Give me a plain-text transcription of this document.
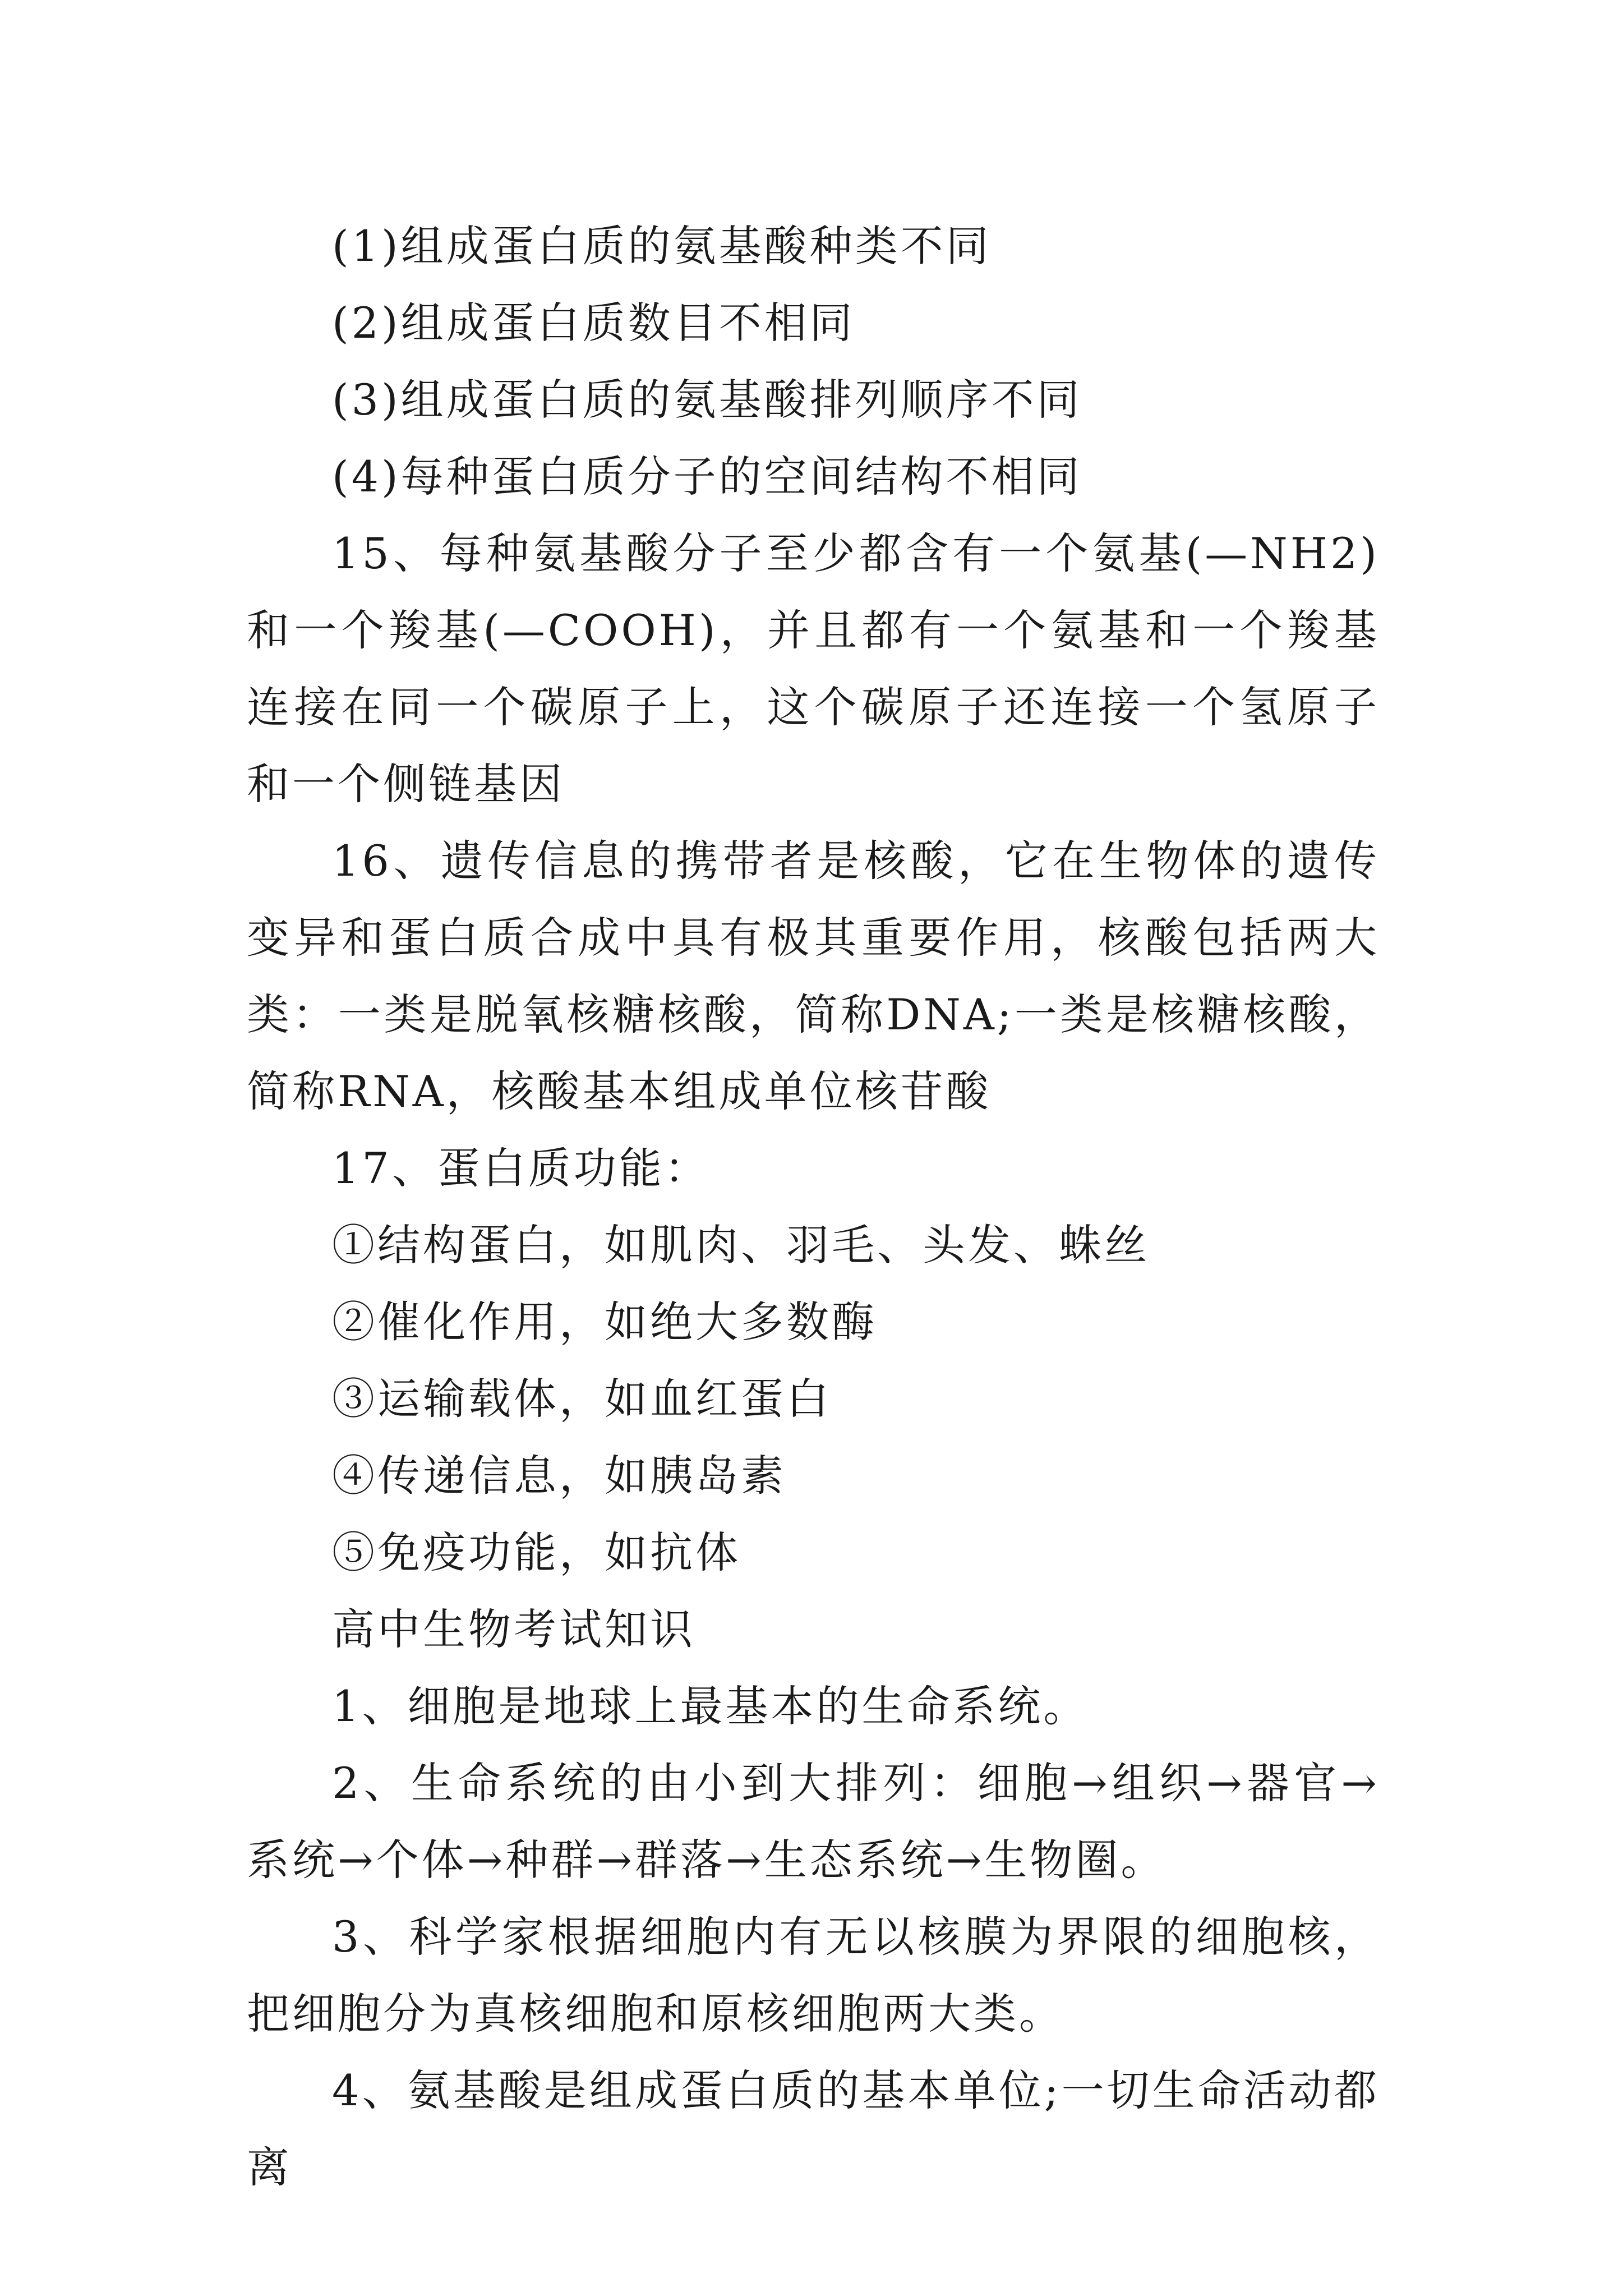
(1)组成蛋白质的氨基酸种类不同

(2)组成蛋白质数目不相同

(3)组成蛋白质的氨基酸排列顺序不同

(4)每种蛋白质分子的空间结构不相同

15、每种氨基酸分子至少都含有一个氨基(—NH2)和一个羧基(—COOH)，并且都有一个氨基和一个羧基连接在同一个碳原子上，这个碳原子还连接一个氢原子和一个侧链基因

16、遗传信息的携带者是核酸，它在生物体的遗传变异和蛋白质合成中具有极其重要作用，核酸包括两大类：一类是脱氧核糖核酸，简称DNA;一类是核糖核酸，简称RNA，核酸基本组成单位核苷酸

17、蛋白质功能：

①结构蛋白，如肌肉、羽毛、头发、蛛丝

②催化作用，如绝大多数酶

③运输载体，如血红蛋白

④传递信息，如胰岛素

⑤免疫功能，如抗体

高中生物考试知识

1、细胞是地球上最基本的生命系统。

2、生命系统的由小到大排列：细胞→组织→器官→系统→个体→种群→群落→生态系统→生物圈。

3、科学家根据细胞内有无以核膜为界限的细胞核，把细胞分为真核细胞和原核细胞两大类。

4、氨基酸是组成蛋白质的基本单位;一切生命活动都离
